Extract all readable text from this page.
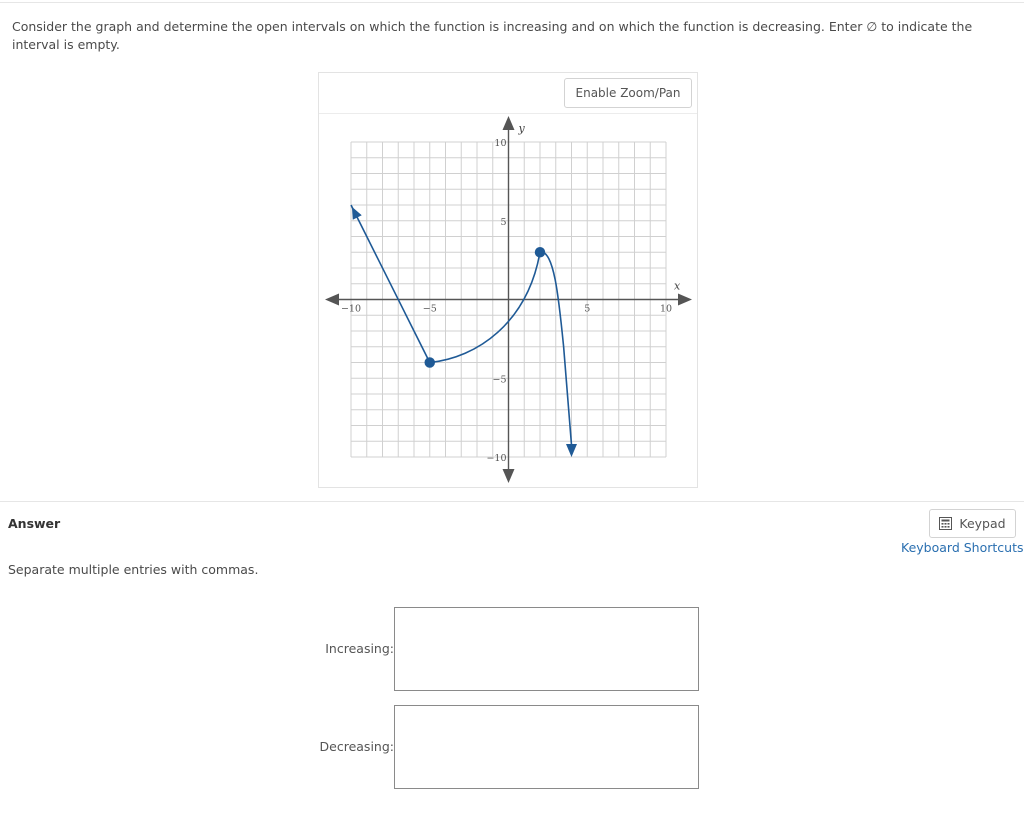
Consider the graph and determine the open intervals on which the function is increasing and on which the function is decreasing. Enter ∅ to indicate the interval is empty.
Enable Zoom/Pan
x
y
−10	−5	5	10
10
5
−5
−10
Answer	Keypad
Keyboard Shortcuts
Separate multiple entries with commas.
Increasing:
Decreasing:
